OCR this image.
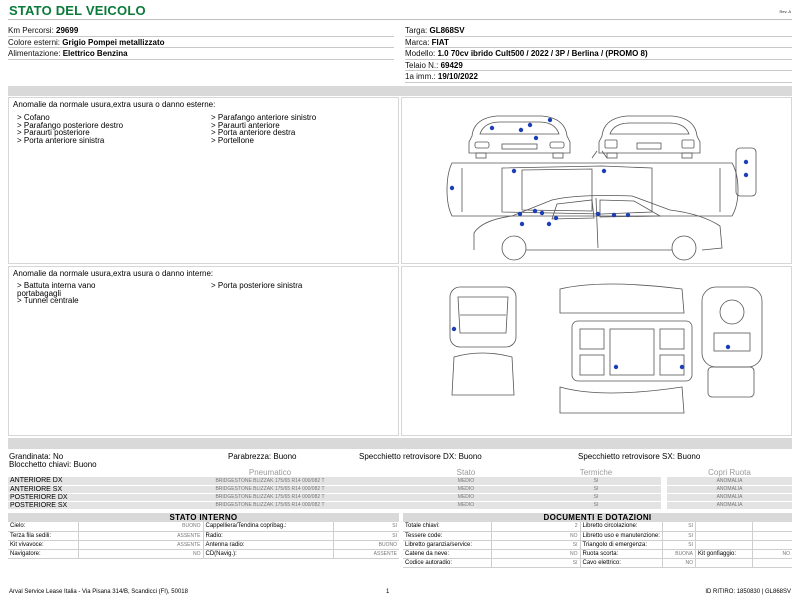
STATO DEL VEICOLO	Rev. A
Km Percorsi: 29699
Colore esterni: Grigio Pompei metallizzato
Alimentazione: Elettrico Benzina
Targa: GL868SV
Marca: FIAT
Modello: 1.0 70cv ibrido Cult500 / 2022 / 3P / Berlina / (PROMO 8)
Telaio N.: 69429
1a imm.: 19/10/2022
Anomalie da normale usura,extra usura o danno esterne:
> Cofano
> Parafango posteriore destro
> Paraurti posteriore
> Porta anteriore sinistra
> Parafango anteriore sinistro
> Paraurti anteriore
> Porta anteriore destra
> Portellone
Anomalie da normale usura,extra usura o danno interne:
> Battuta interna vano
portabagagli
> Tunnel centrale
> Porta posteriore sinistra
Grandinata: No	Parabrezza: Buono	Specchietto retrovisore DX: Buono	Specchietto retrovisore SX: Buono
Blocchetto chiavi: Buono
	Pneumatico	Stato	Termiche		Copri Ruota
ANTERIORE DX	BRIDGESTONE BLIZZAK 175/65 R14 000/082 T	MEDIO	SI		ANOMALIA
ANTERIORE SX	BRIDGESTONE BLIZZAK 175/65 R14 000/082 T	MEDIO	SI		ANOMALIA
POSTERIORE DX	BRIDGESTONE BLIZZAK 175/65 R14 000/082 T	MEDIO	SI		ANOMALIA
POSTERIORE SX	BRIDGESTONE BLIZZAK 175/65 R14 000/082 T	MEDIO	SI		ANOMALIA
STATO INTERNO
Cielo:	BUONO	Cappelliera/Tendina copribag.:	SI
Terza fila sedili:	ASSENTE	Radio:	SI
Kit vivavoce:	ASSENTE	Antenna radio:	BUONO
Navigatore:	NO	CD(Navig.):	ASSENTE
DOCUMENTI E DOTAZIONI
Totale chiavi:	2	Libretto circolazione:	SI		
Tessere code:	NO	Libretto uso e manutenzione:	SI		
Libretto garanzia/service:	SI	Triangolo di emergenza:	SI		
Catene da neve:	NO	Ruota scorta:	BUONA	Kit gonfiaggio:	NO
Codice autoradio:	SI	Cavo elettrico:	NO		
Arval Service Lease Italia - Via Pisana 314/B, Scandicci (FI), 50018	1	ID RITIRO: 1850830 | GL868SV
